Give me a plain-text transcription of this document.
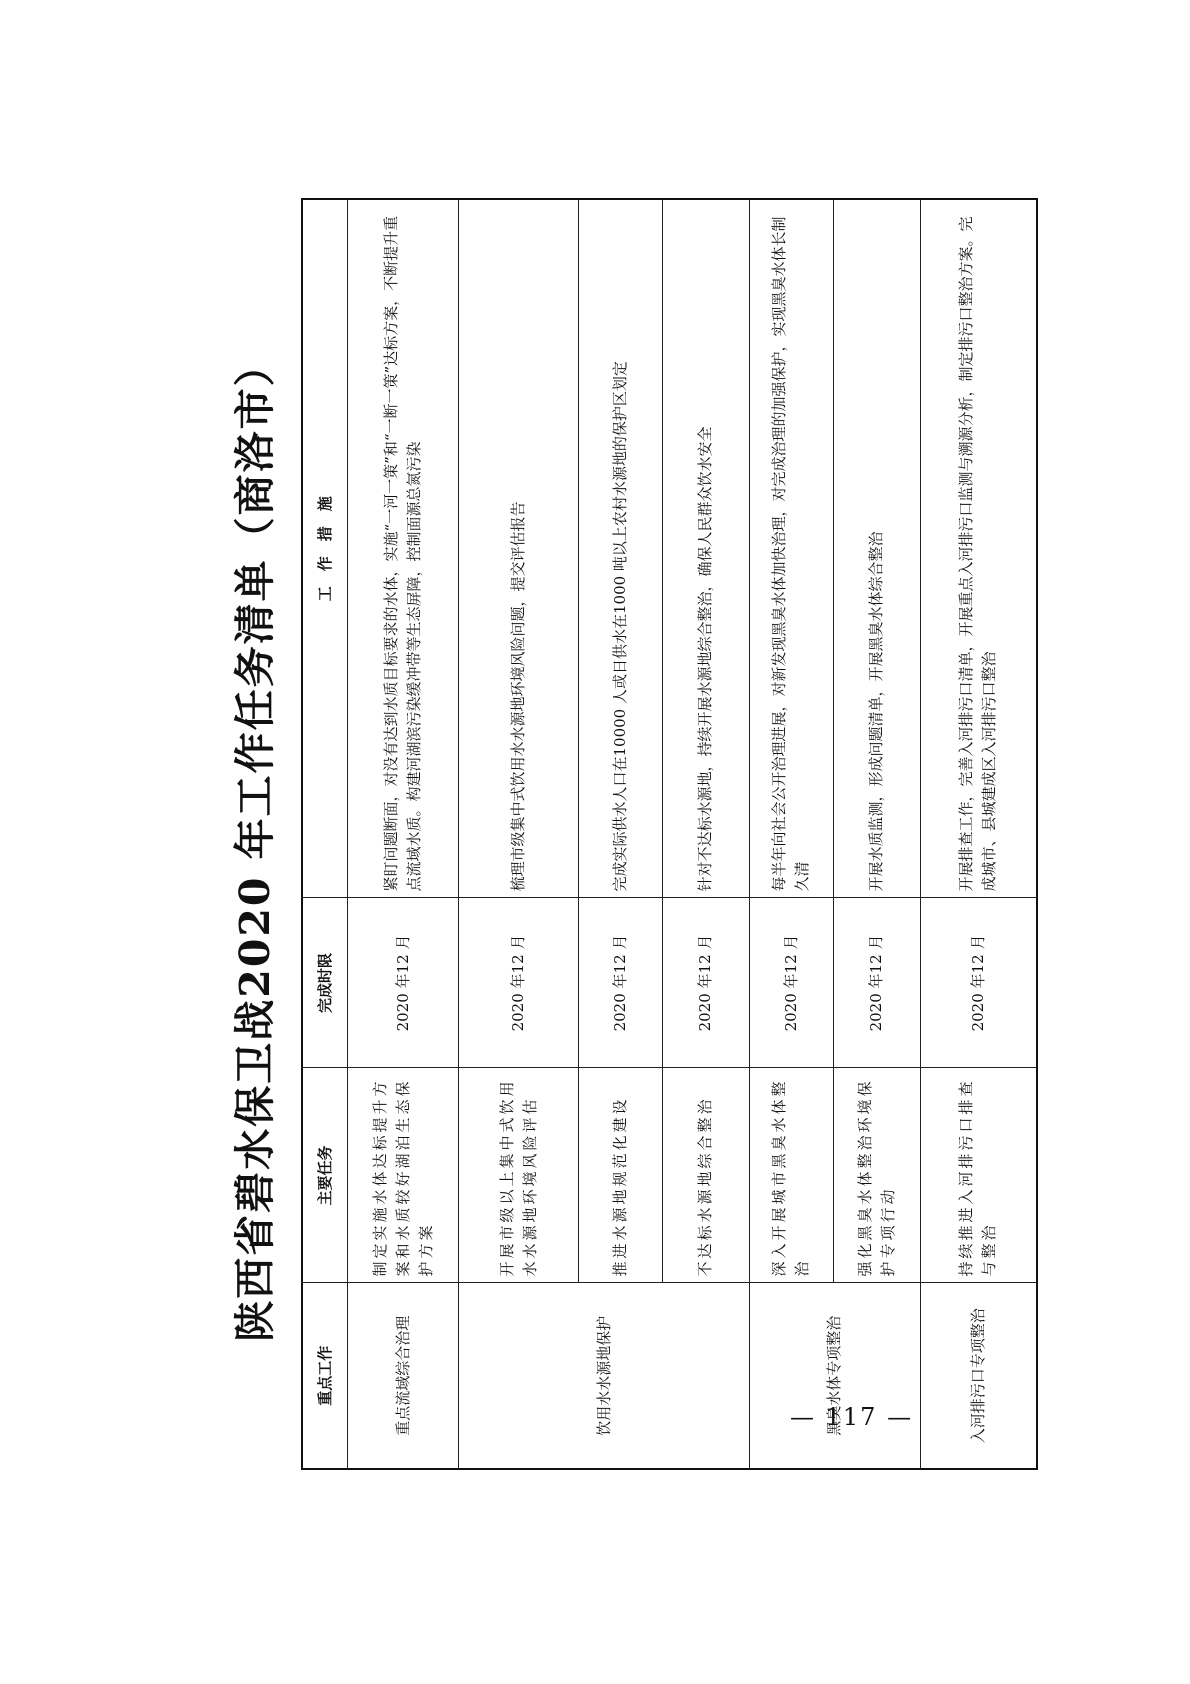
陕西省碧水保卫战2020 年工作任务清单（商洛市）
重点工作	主要任务	完成时限	工　作　措　施
重点流域综合治理	制定实施水体达标提升方案和水质较好湖泊生态保护方案	2020 年12 月	紧盯问题断面，对没有达到水质目标要求的水体，实施“一河一策”和“一断一策”达标方案，不断提升重点流域水质。构建河湖滨污染缓冲带等生态屏障，控制面源总氮污染
饮用水水源地保护	开展市级以上集中式饮用水水源地环境风险评估	2020 年12 月	梳理市级集中式饮用水水源地环境风险问题，提交评估报告
	推进水源地规范化建设	2020 年12 月	完成实际供水人口在10000 人或日供水在1000 吨以上农村水源地的保护区划定
	不达标水源地综合整治	2020 年12 月	针对不达标水源地，持续开展水源地综合整治，确保人民群众饮水安全
黑臭水体专项整治	深入开展城市黑臭水体整治	2020 年12 月	每半年向社会公开治理进展，对新发现黑臭水体加快治理，对完成治理的加强保护，实现黑臭水体长制久清
	强化黑臭水体整治环境保护专项行动	2020 年12 月	开展水质监测，形成问题清单，开展黑臭水体综合整治
入河排污口专项整治	持续推进入河排污口排查与整治	2020 年12 月	开展排查工作，完善入河排污口清单，开展重点入河排污口监测与溯源分析，制定排污口整治方案。完成城市、县城建成区入河排污口整治
— 117 —
